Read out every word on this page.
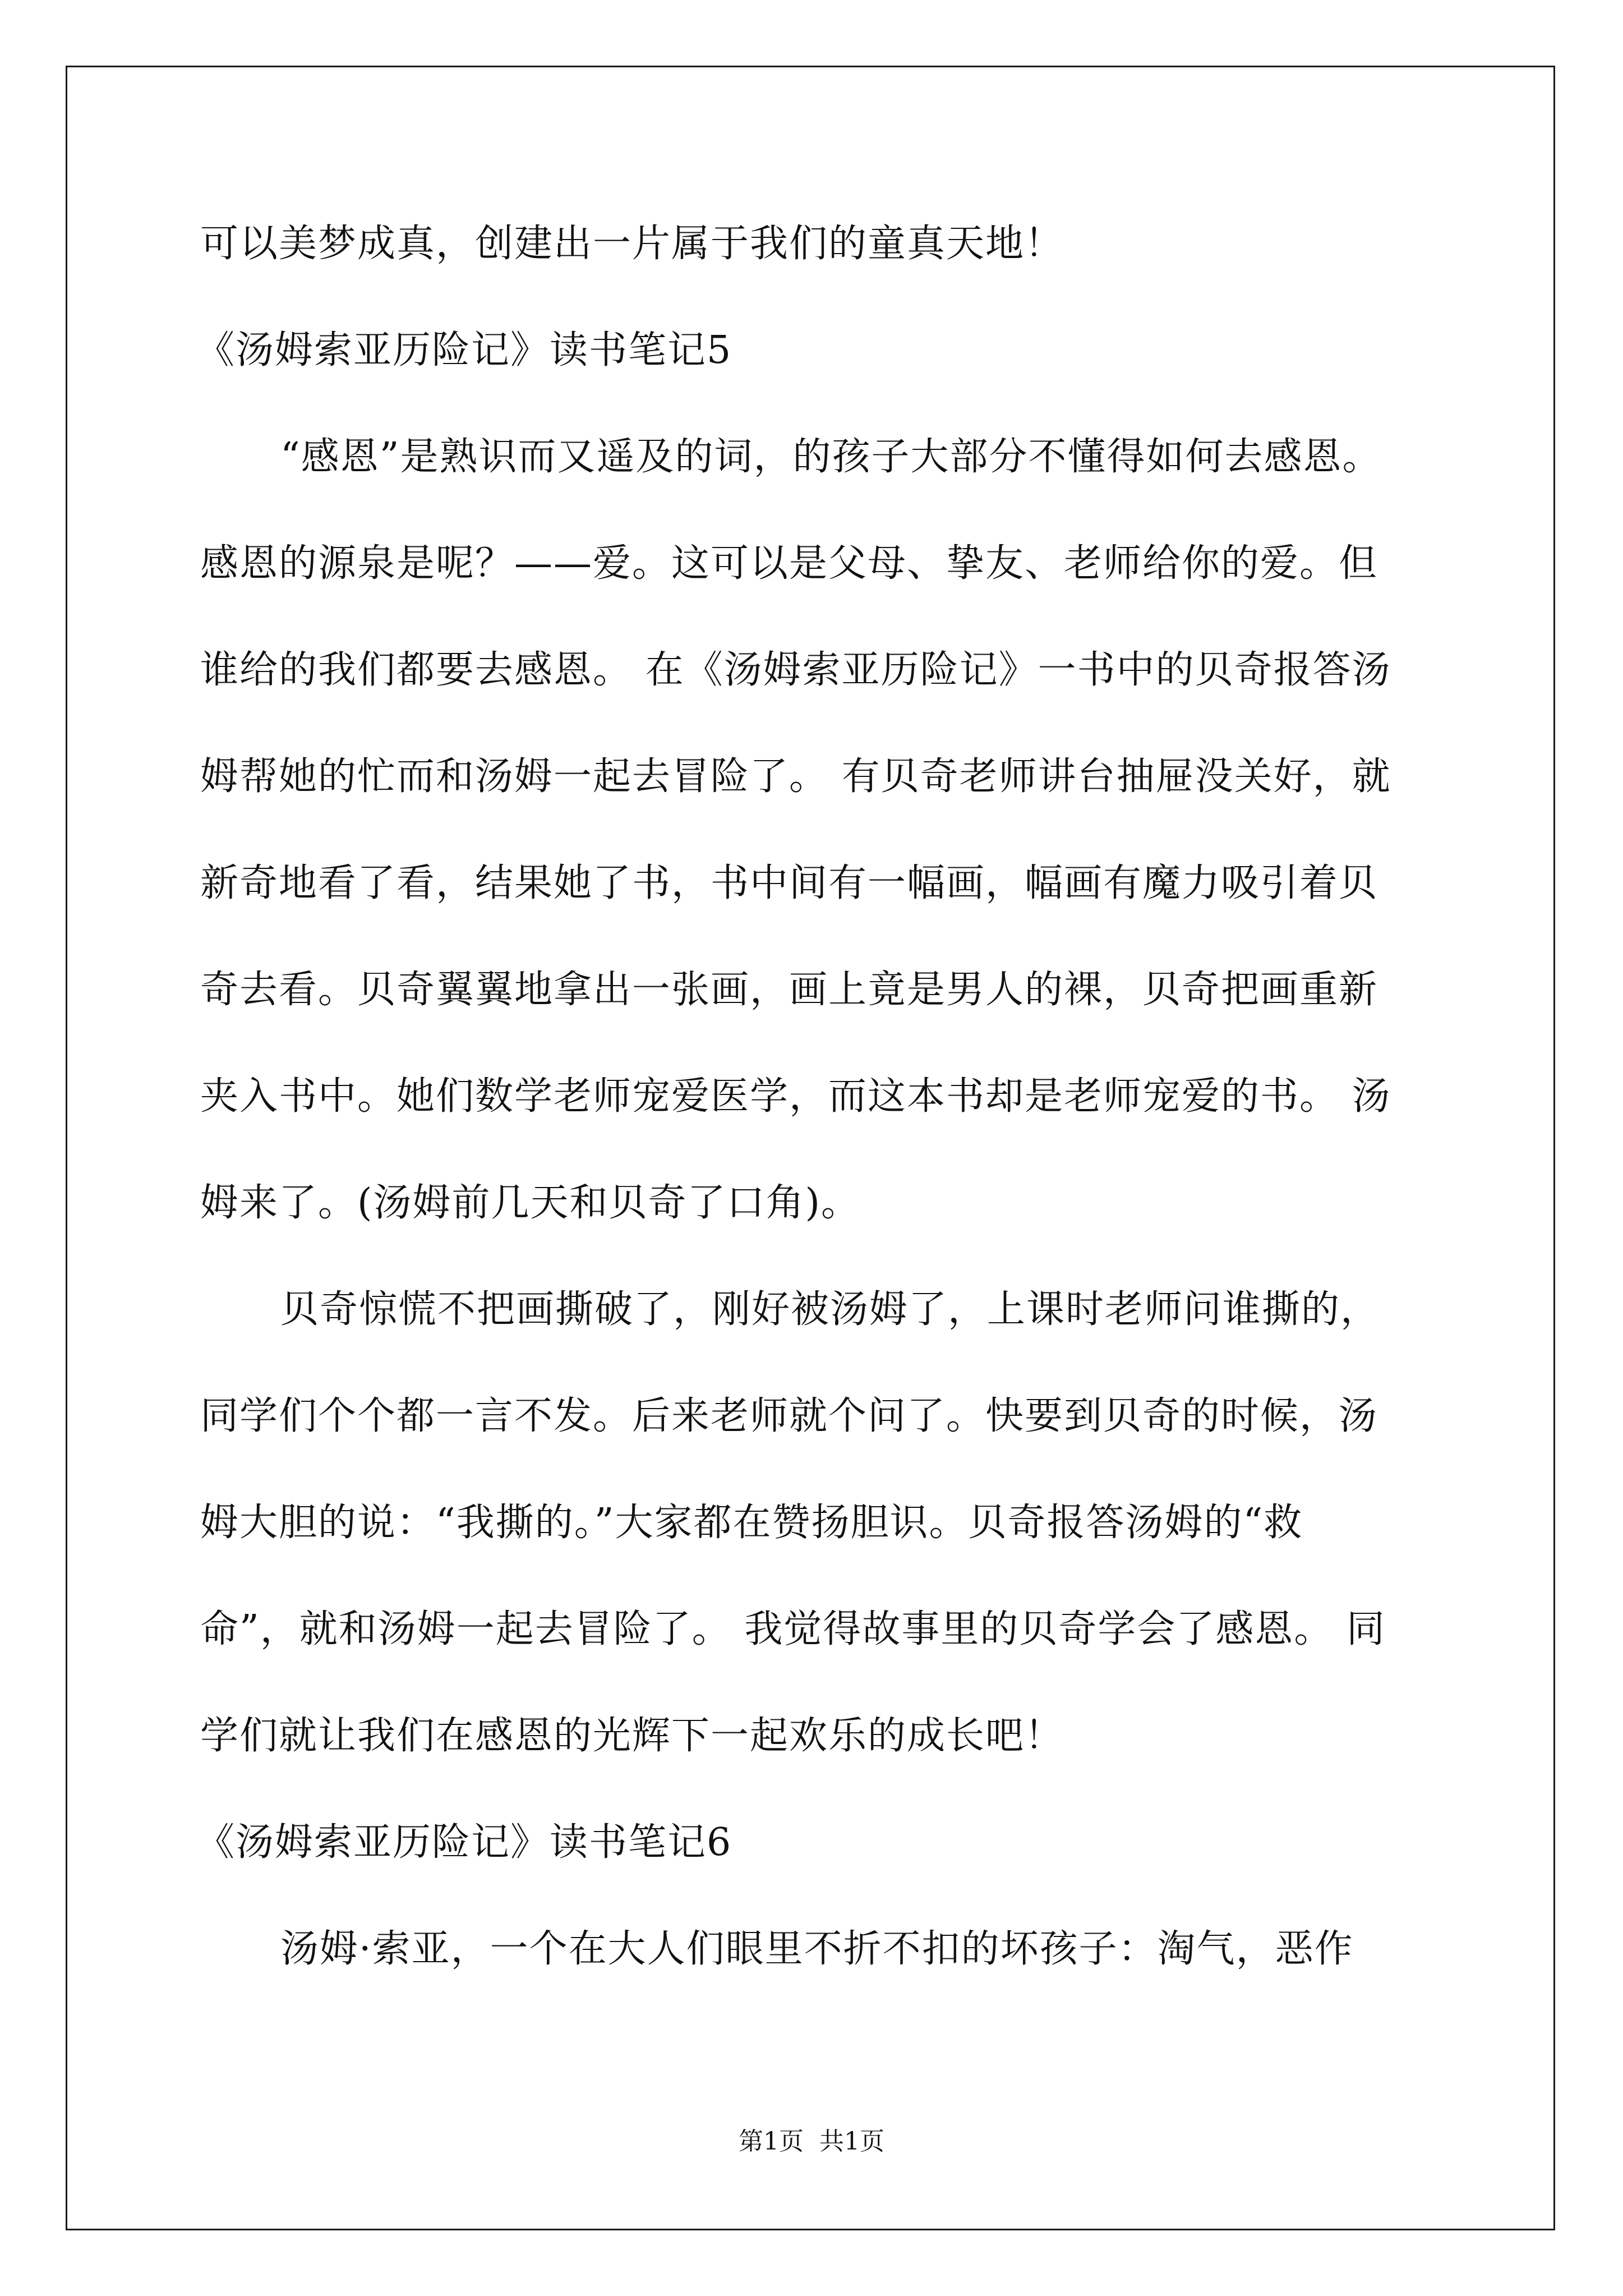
可以美梦成真，创建出一片属于我们的童真天地！
《汤姆索亚历险记》读书笔记5
“感恩”是熟识而又遥及的词，的孩子大部分不懂得如何去感恩。
感恩的源泉是呢？——爱。这可以是父母、挚友、老师给你的爱。但
谁给的我们都要去感恩。 在《汤姆索亚历险记》一书中的贝奇报答汤
姆帮她的忙而和汤姆一起去冒险了。 有贝奇老师讲台抽屉没关好，就
新奇地看了看，结果她了书，书中间有一幅画，幅画有魔力吸引着贝
奇去看。贝奇翼翼地拿出一张画，画上竟是男人的裸，贝奇把画重新
夹入书中。她们数学老师宠爱医学，而这本书却是老师宠爱的书。 汤
姆来了。(汤姆前几天和贝奇了口角)。
贝奇惊慌不把画撕破了，刚好被汤姆了，上课时老师问谁撕的，
同学们个个都一言不发。后来老师就个问了。快要到贝奇的时候，汤
姆大胆的说：“我撕的。”大家都在赞扬胆识。贝奇报答汤姆的“救
命”，就和汤姆一起去冒险了。 我觉得故事里的贝奇学会了感恩。 同
学们就让我们在感恩的光辉下一起欢乐的成长吧！
《汤姆索亚历险记》读书笔记6
汤姆·索亚，一个在大人们眼里不折不扣的坏孩子：淘气，恶作
第1页  共1页
